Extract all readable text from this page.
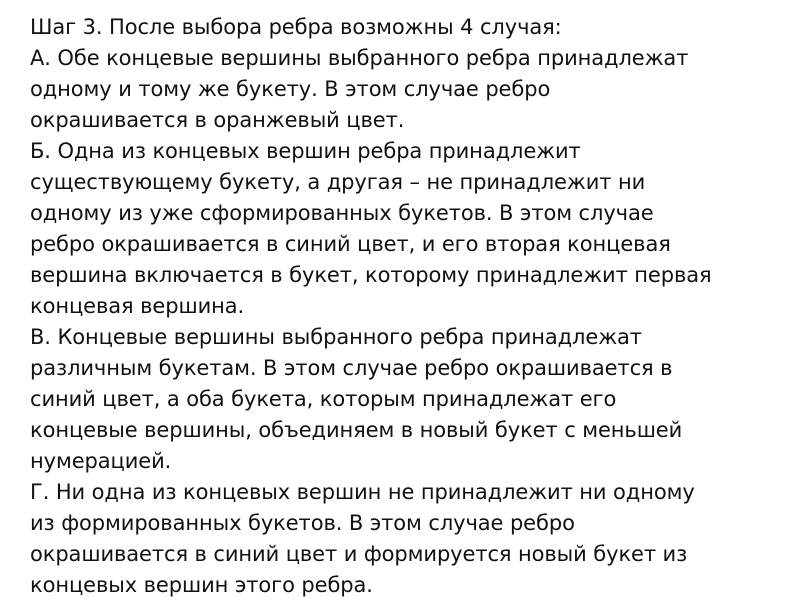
Шаг 3. После выбора ребра возможны 4 случая:
А. Обе концевые вершины выбранного ребра принадлежат
одному и тому же букету. В этом случае ребро
окрашивается в оранжевый цвет.
Б. Одна из концевых вершин ребра принадлежит
существующему букету, а другая – не принадлежит ни
одному из уже сформированных букетов. В этом случае
ребро окрашивается в синий цвет, и его вторая концевая
вершина включается в букет, которому принадлежит первая
концевая вершина.
В. Концевые вершины выбранного ребра принадлежат
различным букетам. В этом случае ребро окрашивается в
синий цвет, а оба букета, которым принадлежат его
концевые вершины, объединяем в новый букет с меньшей
нумерацией.
Г. Ни одна из концевых вершин не принадлежит ни одному
из формированных букетов. В этом случае ребро
окрашивается в синий цвет и формируется новый букет из
концевых вершин этого ребра.
